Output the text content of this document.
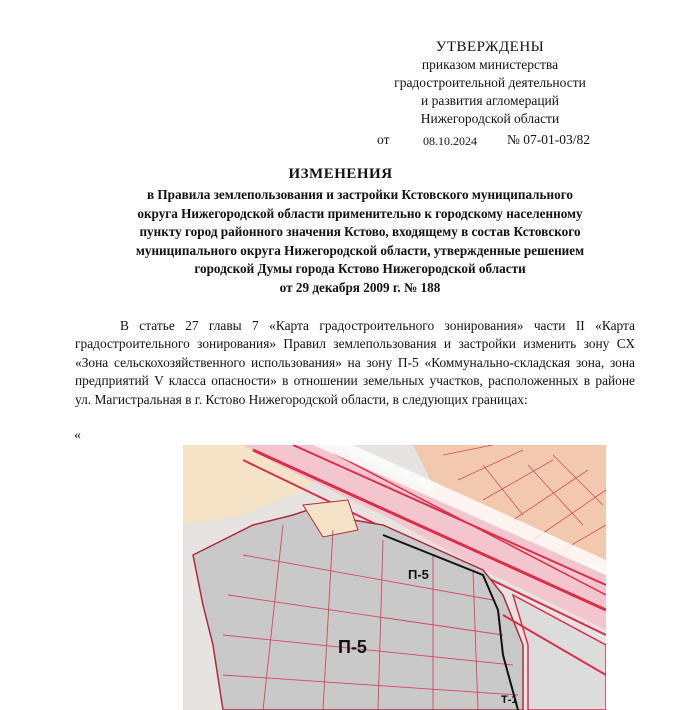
УТВЕРЖДЕНЫ
приказом министерства
градостроительной деятельности
и развития агломераций
Нижегородской области
от	08.10.2024 № 07-01-03/82
ИЗМЕНЕНИЯ
в Правила землепользования и застройки Кстовского муниципального
округа Нижегородской области применительно к городскому населенному
пункту город районного значения Кстово, входящему в состав Кстовского
муниципального округа Нижегородской области, утвержденные решением
городской Думы города Кстово Нижегородской области
от 29 декабря 2009 г. № 188
В статье 27 главы 7 «Карта градостроительного зонирования» части II «Карта градостроительного зонирования» Правил землепользования и застройки изменить зону СХ «Зона сельскохозяйственного использования» на зону П-5 «Коммунально-складская зона, зона предприятий V класса опасности» в отношении земельных участков, расположенных в районе ул. Магистральная в г. Кстово Нижегородской области, в следующих границах:
«
П-5
П-5
Т-1
